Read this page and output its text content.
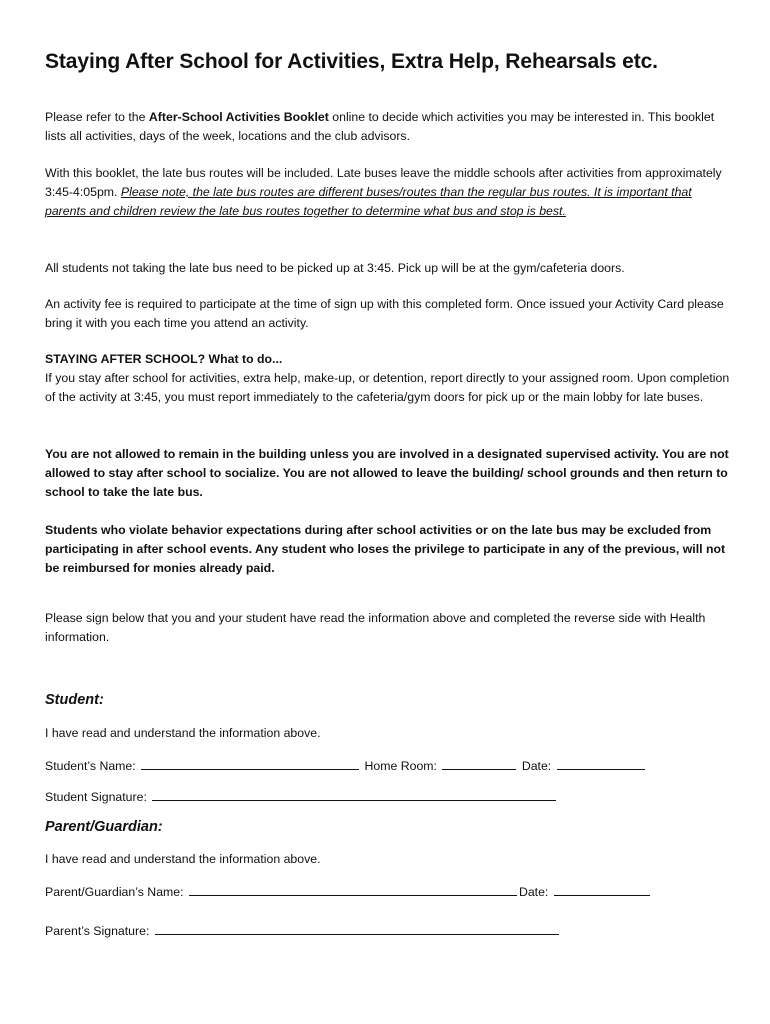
Staying After School for Activities, Extra Help, Rehearsals etc.

Please refer to the After-School Activities Booklet online to decide which activities you may be interested in. This booklet lists all activities, days of the week, locations and the club advisors.

With this booklet, the late bus routes will be included. Late buses leave the middle schools after activities from approximately 3:45-4:05pm. Please note, the late bus routes are different buses/routes than the regular bus routes. It is important that parents and children review the late bus routes together to determine what bus and stop is best.

All students not taking the late bus need to be picked up at 3:45. Pick up will be at the gym/cafeteria doors.

An activity fee is required to participate at the time of sign up with this completed form. Once issued your Activity Card please bring it with you each time you attend an activity.

STAYING AFTER SCHOOL? What to do...
If you stay after school for activities, extra help, make-up, or detention, report directly to your assigned room. Upon completion of the activity at 3:45, you must report immediately to the cafeteria/gym doors for pick up or the main lobby for late buses.

You are not allowed to remain in the building unless you are involved in a designated supervised activity. You are not allowed to stay after school to socialize. You are not allowed to leave the building/ school grounds and then return to school to take the late bus.

Students who violate behavior expectations during after school activities or on the late bus may be excluded from participating in after school events. Any student who loses the privilege to participate in any of the previous, will not be reimbursed for monies already paid.

Please sign below that you and your student have read the information above and completed the reverse side with Health information.

Student:
I have read and understand the information above.
Student’s Name:	Home Room:	Date:
Student Signature:
Parent/Guardian:
I have read and understand the information above.
Parent/Guardian’s Name:	Date:
Parent’s Signature:
